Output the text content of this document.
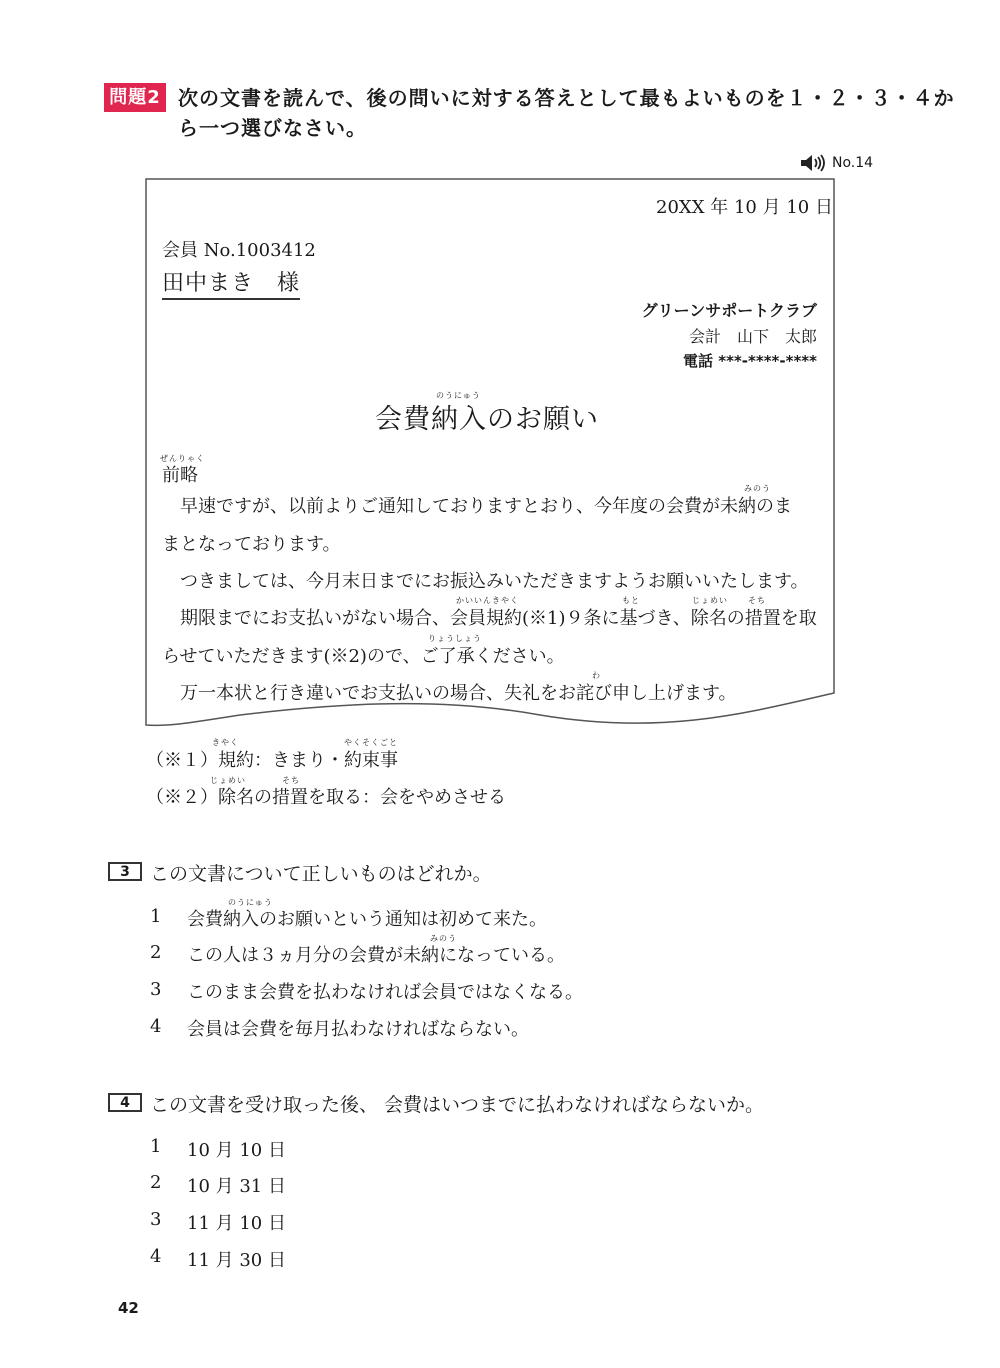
問題2 次の文書を読んで、後の問いに対する答えとして最もよいものを１・２・３・４か
ら一つ選びなさい。
No.14
20XX 年 10 月 10 日
会員 No.1003412
田中まき　様
グリーンサポートクラブ
会計　山下　太郎
電話 ***-****-****
のうにゅう
会費納入のお願い
ぜんりゃく
前略
みのう
早速ですが、以前よりご通知しておりますとおり、今年度の会費が未納のま
まとなっております。
つきましては、今月末日までにお振込みいただきますようお願いいたします。
かいいんきやく	もと	じょめい	そち
期限までにお支払いがない場合、会員規約(※1)９条に基づき、除名の措置を取
りょうしょう
らせていただきます(※2)ので、ご了承ください。
わ
万一本状と行き違いでお支払いの場合、失礼をお詫び申し上げます。
きやく	やくそくごと
（※１）規約：きまり・約束事
じょめい	そち
（※２）除名の措置を取る：会をやめさせる
3	この文書について正しいものはどれか。
1
のうにゅう
会費納入のお願いという通知は初めて来た。
2
みのう
この人は３ヵ月分の会費が未納になっている。
3 このまま会費を払わなければ会員ではなくなる。
4 会員は会費を毎月払わなければならない。
4	この文書を受け取った後、 会費はいつまでに払わなければならないか。
1 10 月 10 日
2 10 月 31 日
3 11 月 10 日
4 11 月 30 日
42
